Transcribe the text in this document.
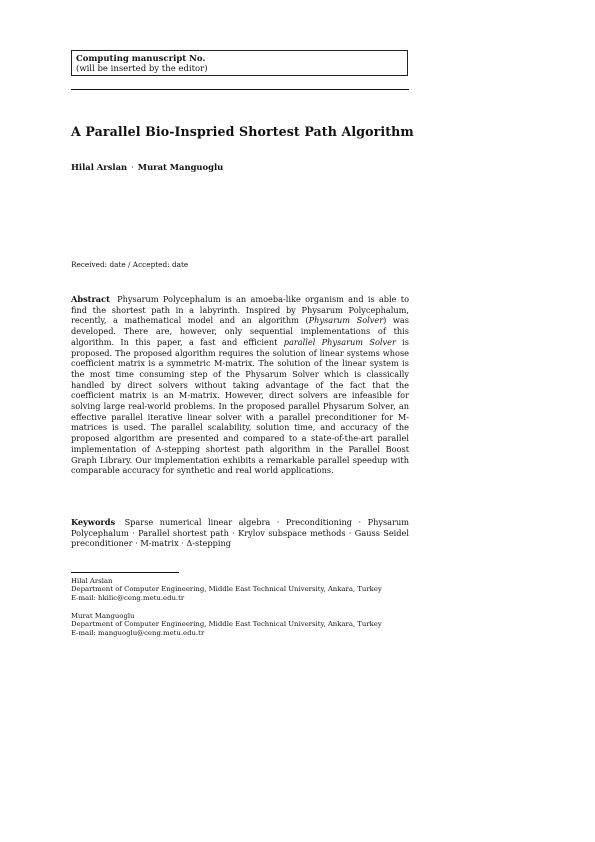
Computing manuscript No.
(will be inserted by the editor)
A Parallel Bio-Inspried Shortest Path Algorithm
Hilal Arslan · Murat Manguoglu
Received: date / Accepted: date
Abstract Physarum Polycephalum is an amoeba-like organism and is able to find the shortest path in a labyrinth. Inspired by Physarum Polycephalum, recently, a mathematical model and an algorithm (Physarum Solver) was developed. There are, however, only sequential implementations of this algorithm. In this paper, a fast and efficient parallel Physarum Solver is proposed. The proposed algorithm requires the solution of linear systems whose coefficient matrix is a symmetric M-matrix. The solution of the linear system is the most time consuming step of the Physarum Solver which is classically handled by direct solvers without taking advantage of the fact that the coefficient matrix is an M-matrix. However, direct solvers are infeasible for solving large real-world problems. In the proposed parallel Physarum Solver, an effective parallel iterative linear solver with a parallel preconditioner for M-matrices is used. The parallel scalability, solution time, and accuracy of the proposed algorithm are presented and compared to a state-of-the-art parallel implementation of Δ-stepping shortest path algorithm in the Parallel Boost Graph Library. Our implementation exhibits a remarkable parallel speedup with comparable accuracy for synthetic and real world applications.
Keywords Sparse numerical linear algebra · Preconditioning · Physarum Polycephalum · Parallel shortest path · Krylov subspace methods · Gauss Seidel preconditioner · M-matrix · Δ-stepping
Hilal Arslan
Department of Computer Engineering, Middle East Technical University, Ankara, Turkey
E-mail: hkilic@ceng.metu.edu.tr
Murat Manguoglu
Department of Computer Engineering, Middle East Technical University, Ankara, Turkey
E-mail: manguoglu@ceng.metu.edu.tr
